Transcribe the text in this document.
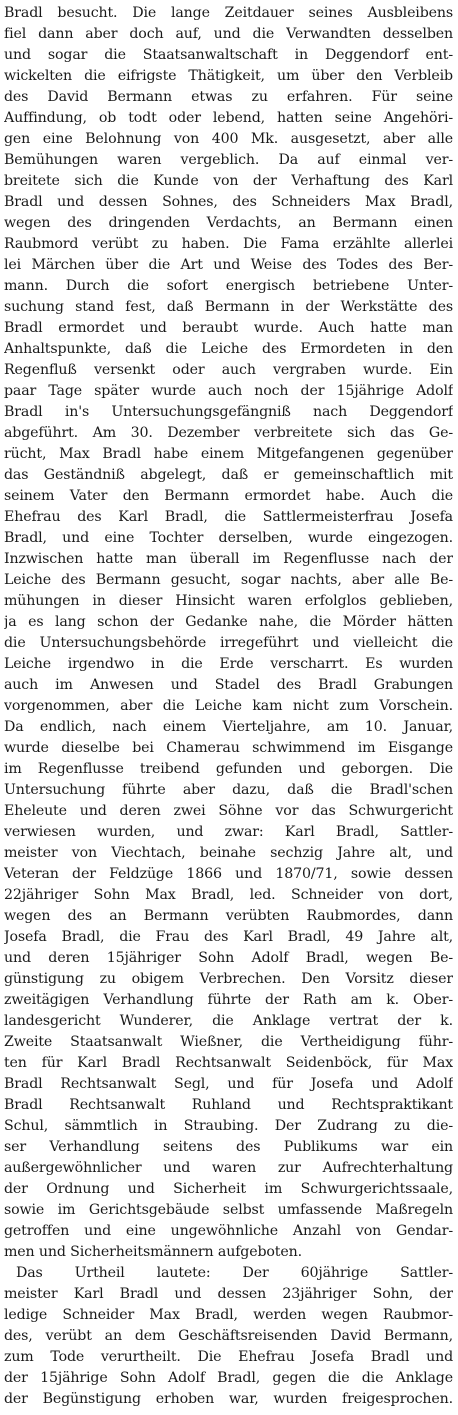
Bradl besucht. Die lange Zeitdauer seines Ausbleibens
fiel dann aber doch auf, und die Verwandten desselben
und sogar die Staatsanwaltschaft in Deggendorf ent-
wickelten die eifrigste Thätigkeit, um über den Verbleib
des David Bermann etwas zu erfahren. Für seine
Auffindung, ob todt oder lebend, hatten seine Angehöri-
gen eine Belohnung von 400 Mk. ausgesetzt, aber alle
Bemühungen waren vergeblich. Da auf einmal ver-
breitete sich die Kunde von der Verhaftung des Karl
Bradl und dessen Sohnes, des Schneiders Max Bradl,
wegen des dringenden Verdachts, an Bermann einen
Raubmord verübt zu haben. Die Fama erzählte allerlei
lei Märchen über die Art und Weise des Todes des Ber-
mann. Durch die sofort energisch betriebene Unter-
suchung stand fest, daß Bermann in der Werkstätte des
Bradl ermordet und beraubt wurde. Auch hatte man
Anhaltspunkte, daß die Leiche des Ermordeten in den
Regenfluß versenkt oder auch vergraben wurde. Ein
paar Tage später wurde auch noch der 15jährige Adolf
Bradl in's Untersuchungsgefängniß nach Deggendorf
abgeführt. Am 30. Dezember verbreitete sich das Ge-
rücht, Max Bradl habe einem Mitgefangenen gegenüber
das Geständniß abgelegt, daß er gemeinschaftlich mit
seinem Vater den Bermann ermordet habe. Auch die
Ehefrau des Karl Bradl, die Sattlermeisterfrau Josefa
Bradl, und eine Tochter derselben, wurde eingezogen.
Inzwischen hatte man überall im Regenflusse nach der
Leiche des Bermann gesucht, sogar nachts, aber alle Be-
mühungen in dieser Hinsicht waren erfolglos geblieben,
ja es lang schon der Gedanke nahe, die Mörder hätten
die Untersuchungsbehörde irregeführt und vielleicht die
Leiche irgendwo in die Erde verscharrt. Es wurden
auch im Anwesen und Stadel des Bradl Grabungen
vorgenommen, aber die Leiche kam nicht zum Vorschein.
Da endlich, nach einem Vierteljahre, am 10. Januar,
wurde dieselbe bei Chamerau schwimmend im Eisgange
im Regenflusse treibend gefunden und geborgen. Die
Untersuchung führte aber dazu, daß die Bradl'schen
Eheleute und deren zwei Söhne vor das Schwurgericht
verwiesen wurden, und zwar: Karl Bradl, Sattler-
meister von Viechtach, beinahe sechzig Jahre alt, und
Veteran der Feldzüge 1866 und 1870/71, sowie dessen
22jähriger Sohn Max Bradl, led. Schneider von dort,
wegen des an Bermann verübten Raubmordes, dann
Josefa Bradl, die Frau des Karl Bradl, 49 Jahre alt,
und deren 15jähriger Sohn Adolf Bradl, wegen Be-
günstigung zu obigem Verbrechen. Den Vorsitz dieser
zweitägigen Verhandlung führte der Rath am k. Ober-
landesgericht Wunderer, die Anklage vertrat der k.
Zweite Staatsanwalt Wießner, die Vertheidigung führ-
ten für Karl Bradl Rechtsanwalt Seidenböck, für Max
Bradl Rechtsanwalt Segl, und für Josefa und Adolf
Bradl Rechtsanwalt Ruhland und Rechtspraktikant
Schul, sämmtlich in Straubing. Der Zudrang zu die-
ser Verhandlung seitens des Publikums war ein
außergewöhnlicher und waren zur Aufrechterhaltung
der Ordnung und Sicherheit im Schwurgerichtssaale,
sowie im Gerichtsgebäude selbst umfassende Maßregeln
getroffen und eine ungewöhnliche Anzahl von Gendar-
men und Sicherheitsmännern aufgeboten.
Das Urtheil lautete: Der 60jährige Sattler-
meister Karl Bradl und dessen 23jähriger Sohn, der
ledige Schneider Max Bradl, werden wegen Raubmor-
des, verübt an dem Geschäftsreisenden David Bermann,
zum Tode verurtheilt. Die Ehefrau Josefa Bradl und
der 15jährige Sohn Adolf Bradl, gegen die die Anklage
der Begünstigung erhoben war, wurden freigesprochen.
